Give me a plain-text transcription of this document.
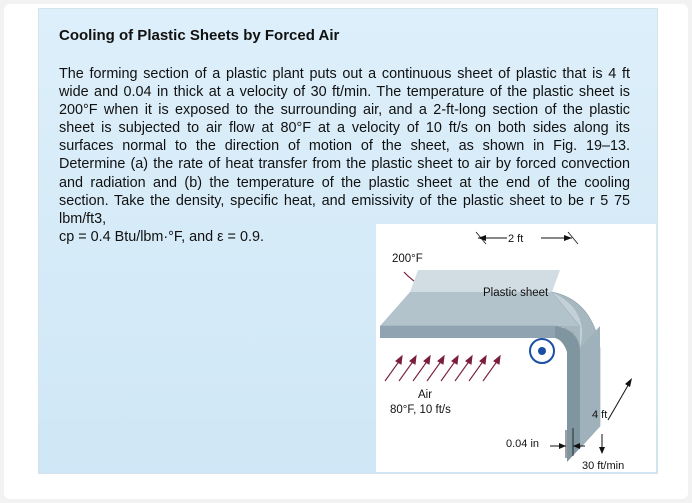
Cooling of Plastic Sheets by Forced Air
The forming section of a plastic plant puts out a continuous sheet of plastic that is 4 ft wide and 0.04 in thick at a velocity of 30 ft/min. The temperature of the plastic sheet is 200°F when it is exposed to the surrounding air, and a 2-ft-long section of the plastic sheet is subjected to air flow at 80°F at a velocity of 10 ft/s on both sides along its surfaces normal to the direction of motion of the sheet, as shown in Fig. 19–13. Determine (a) the rate of heat transfer from the plastic sheet to air by forced convection and radiation and (b) the temperature of the plastic sheet at the end of the cooling section. Take the density, specific heat, and emissivity of the plastic sheet to be r 5 75 lbm/ft3,
cp = 0.4 Btu/lbm·°F, and ε = 0.9.	2 ft
200°F
Plastic sheet
Air
80°F, 10 ft/s	4 ft
0.04 in
30 ft/min
